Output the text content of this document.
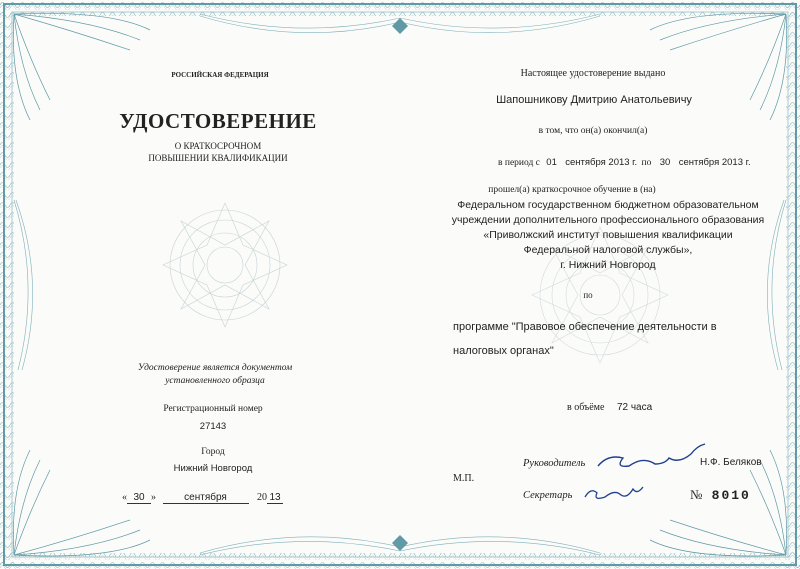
РОССИЙСКАЯ ФЕДЕРАЦИЯ
УДОСТОВЕРЕНИЕ
О КРАТКОСРОЧНОМ
ПОВЫШЕНИИ КВАЛИФИКАЦИИ
Удостоверение является документом
установленного образца
Регистрационный номер
27143
Город
Нижний Новгород
« 30 »	сентября	20 13
Настоящее удостоверение выдано
Шапошникову Дмитрию Анатольевичу
в том, что он(а) окончил(а)
в период с 01 сентября 2013 г. по 30 сентября 2013 г.
прошел(а) краткосрочное обучение в (на)
Федеральном государственном бюджетном образовательном
учреждении дополнительного профессионального образования
«Приволжский институт повышения квалификации
Федеральной налоговой службы»,
г. Нижний Новгород
по
программе "Правовое обеспечение деятельности в
налоговых органах"
в объёме 72 часа
М.П.
Руководитель	Н.Ф. Беляков
Секретарь	№ 8010
